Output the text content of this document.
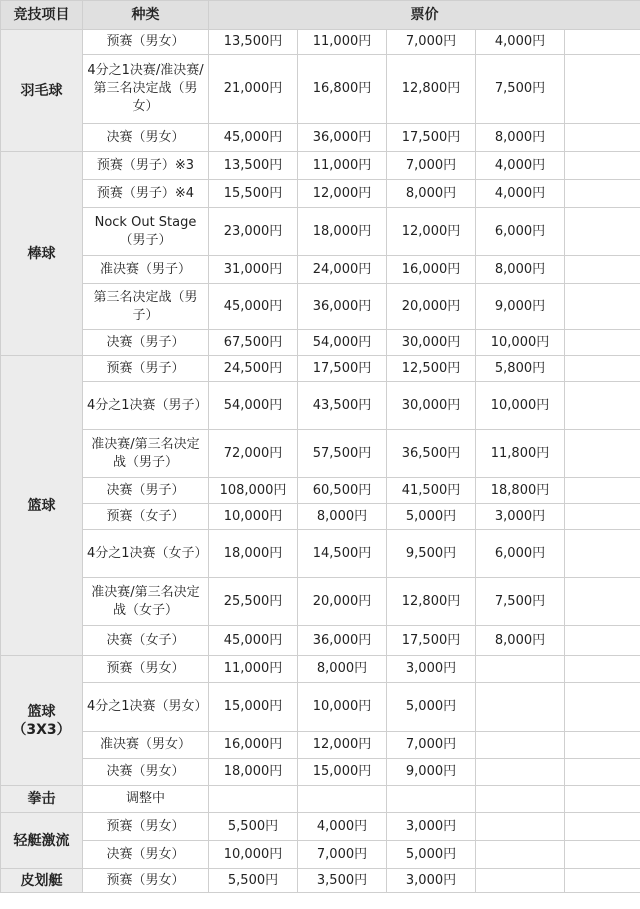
竞技项目	种类	票价				
羽毛球	预赛（男女）	13,500円	11,000円	7,000円	4,000円	
	4分之1决赛/准决赛/第三名决定战（男女）	21,000円	16,800円	12,800円	7,500円	
	决赛（男女）	45,000円	36,000円	17,500円	8,000円	
棒球	预赛（男子）※3	13,500円	11,000円	7,000円	4,000円	
	预赛（男子）※4	15,500円	12,000円	8,000円	4,000円	
	Nock Out Stage（男子）	23,000円	18,000円	12,000円	6,000円	
	准决赛（男子）	31,000円	24,000円	16,000円	8,000円	
	第三名决定战（男子）	45,000円	36,000円	20,000円	9,000円	
	决赛（男子）	67,500円	54,000円	30,000円	10,000円	
篮球	预赛（男子）	24,500円	17,500円	12,500円	5,800円	
	4分之1决赛（男子）	54,000円	43,500円	30,000円	10,000円	
	准决赛/第三名决定战（男子）	72,000円	57,500円	36,500円	11,800円	
	决赛（男子）	108,000円	60,500円	41,500円	18,800円	
	预赛（女子）	10,000円	8,000円	5,000円	3,000円	
	4分之1决赛（女子）	18,000円	14,500円	9,500円	6,000円	
	准决赛/第三名决定战（女子）	25,500円	20,000円	12,800円	7,500円	
	决赛（女子）	45,000円	36,000円	17,500円	8,000円	
篮球（3X3）	预赛（男女）	11,000円	8,000円	3,000円		
	4分之1决赛（男女）	15,000円	10,000円	5,000円		
	准决赛（男女）	16,000円	12,000円	7,000円		
	决赛（男女）	18,000円	15,000円	9,000円		
拳击	调整中					
轻艇激流	预赛（男女）	5,500円	4,000円	3,000円		
	决赛（男女）	10,000円	7,000円	5,000円		
皮划艇	预赛（男女）	5,500円	3,500円	3,000円		
